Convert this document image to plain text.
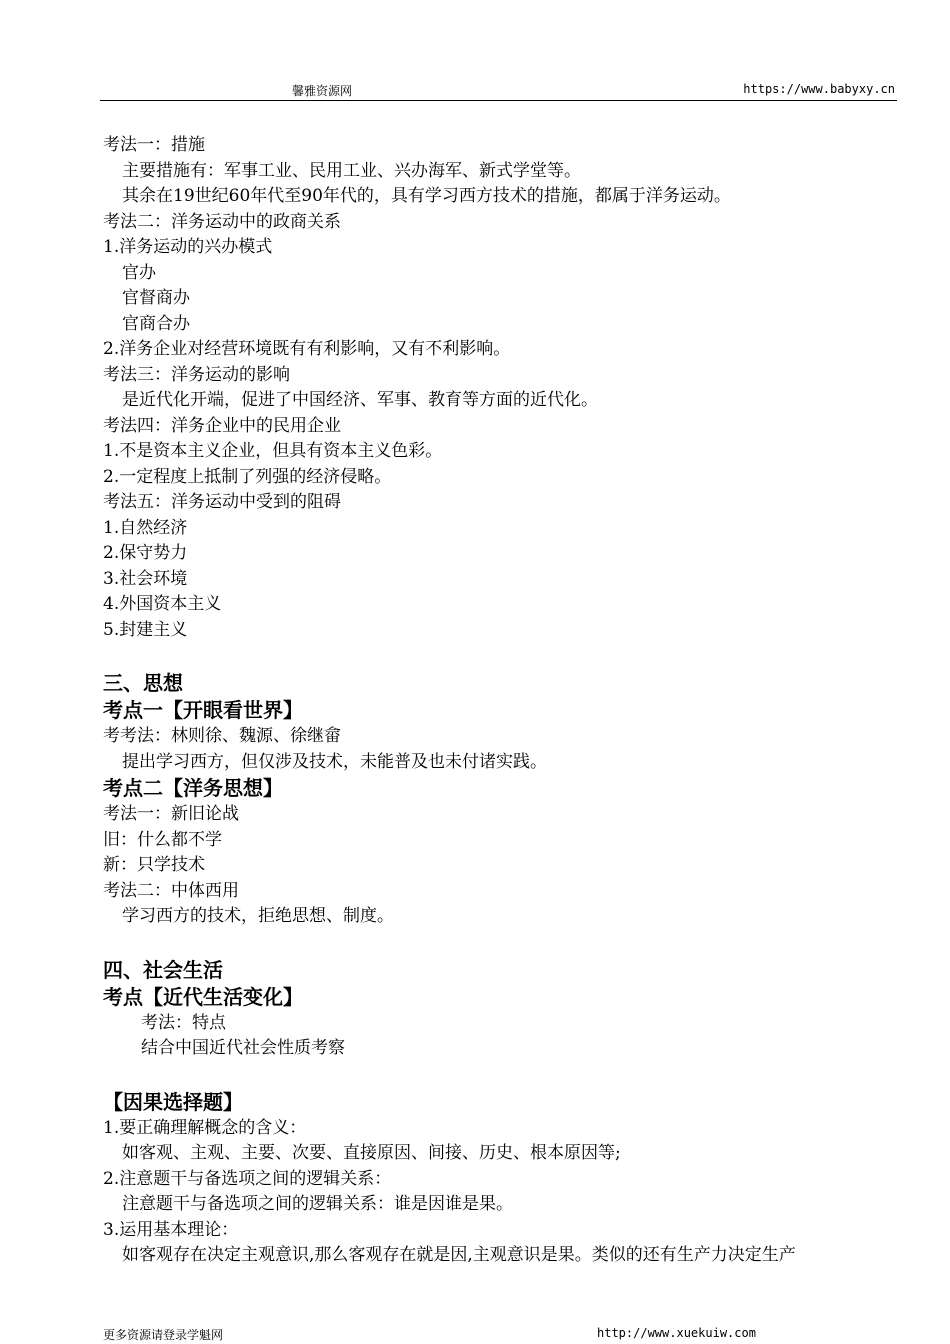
馨雅资源网	https://www.babyxy.cn
考法一：措施
主要措施有：军事工业、民用工业、兴办海军、新式学堂等。
其余在19世纪60年代至90年代的，具有学习西方技术的措施，都属于洋务运动。
考法二：洋务运动中的政商关系
1.洋务运动的兴办模式
官办
官督商办
官商合办
2.洋务企业对经营环境既有有利影响，又有不利影响。
考法三：洋务运动的影响
是近代化开端，促进了中国经济、军事、教育等方面的近代化。
考法四：洋务企业中的民用企业
1.不是资本主义企业，但具有资本主义色彩。
2.一定程度上抵制了列强的经济侵略。
考法五：洋务运动中受到的阻碍
1.自然经济
2.保守势力
3.社会环境
4.外国资本主义
5.封建主义
三、思想
考点一【开眼看世界】
考考法：林则徐、魏源、徐继畲
提出学习西方，但仅涉及技术，未能普及也未付诸实践。
考点二【洋务思想】
考法一：新旧论战
旧：什么都不学
新：只学技术
考法二：中体西用
学习西方的技术，拒绝思想、制度。
四、社会生活
考点【近代生活变化】
考法：特点
结合中国近代社会性质考察
【因果选择题】
1.要正确理解概念的含义：
如客观、主观、主要、次要、直接原因、间接、历史、根本原因等;
2.注意题干与备选项之间的逻辑关系：
注意题干与备选项之间的逻辑关系：谁是因谁是果。
3.运用基本理论：
如客观存在决定主观意识,那么客观存在就是因,主观意识是果。类似的还有生产力决定生产
更多资源请登录学魁网	http://www.xuekuiw.com
